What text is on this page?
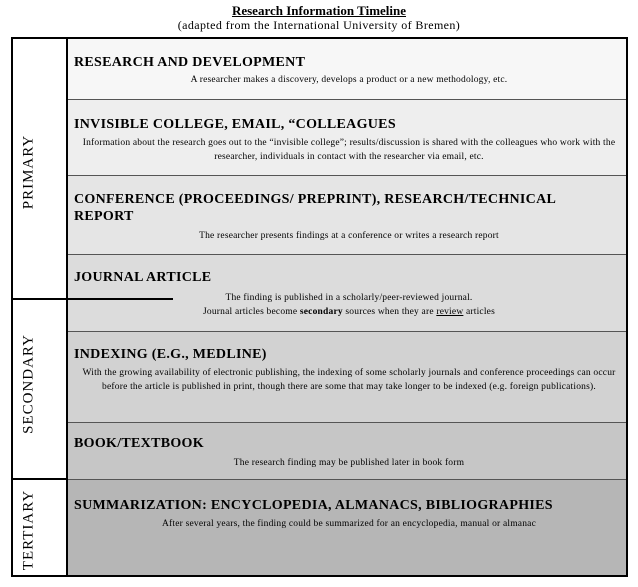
Research Information Timeline
(adapted from the International University of Bremen)
RESEARCH AND DEVELOPMENT
A researcher makes a discovery, develops a product or a new methodology, etc.
INVISIBLE COLLEGE, EMAIL, “COLLEAGUES
Information about the research goes out to the “invisible college”; results/discussion is shared with the colleagues who work with the researcher, individuals in contact with the researcher via email, etc.
CONFERENCE (PROCEEDINGS/ PREPRINT), RESEARCH/TECHNICAL REPORT
The researcher presents findings at a conference or writes a research report
JOURNAL ARTICLE
The finding is published in a scholarly/peer-reviewed journal.
Journal articles become secondary sources when they are review articles
INDEXING (E.G., MEDLINE)
With the growing availability of electronic publishing, the indexing of some scholarly journals and conference proceedings can occur before the article is published in print, though there are some that may take longer to be indexed (e.g. foreign publications).
BOOK/TEXTBOOK
The research finding may be published later in book form
SUMMARIZATION: ENCYCLOPEDIA, ALMANACS, BIBLIOGRAPHIES
After several years, the finding could be summarized for an encyclopedia, manual or almanac
PRIMARY
SECONDARY
TERTIARY
